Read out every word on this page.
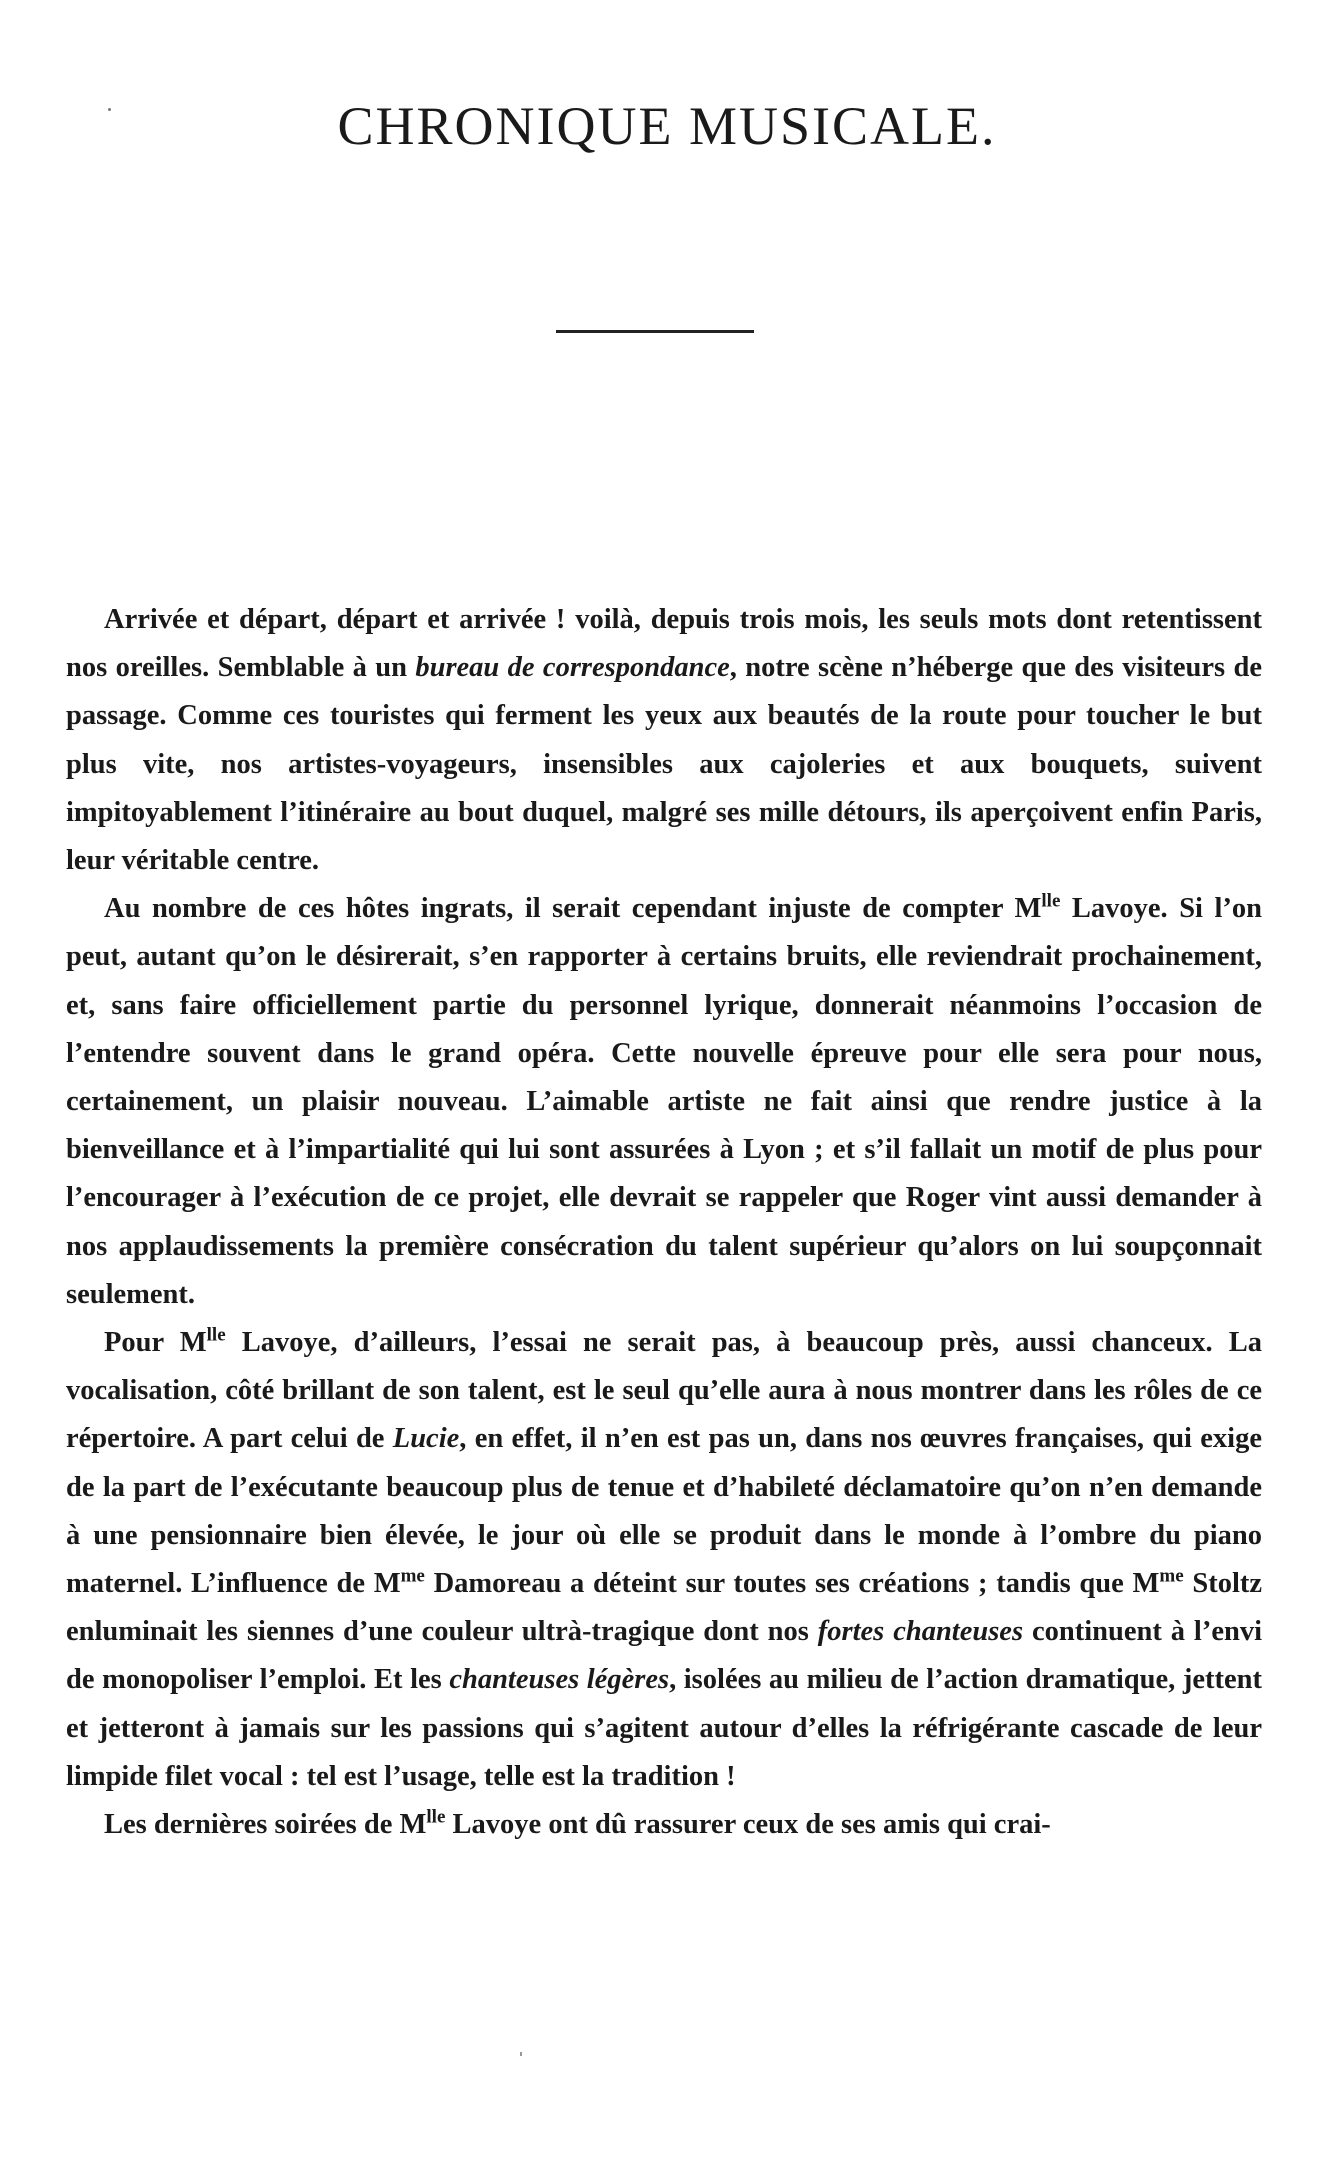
CHRONIQUE MUSICALE.

Arrivée et départ, départ et arrivée ! voilà, depuis trois mois, les seuls mots dont retentissent nos oreilles. Semblable à un bureau de correspondance, notre scène n’héberge que des visiteurs de passage. Comme ces touristes qui ferment les yeux aux beautés de la route pour toucher le but plus vite, nos artistes-voyageurs, insensibles aux cajoleries et aux bouquets, suivent impitoyablement l’itinéraire au bout duquel, malgré ses mille détours, ils aperçoivent enfin Paris, leur véritable centre.

Au nombre de ces hôtes ingrats, il serait cependant injuste de compter $M^{lle}$ Lavoye. Si l’on peut, autant qu’on le désirerait, s’en rapporter à certains bruits, elle reviendrait prochainement, et, sans faire officiellement partie du personnel lyrique, donnerait néanmoins l’occasion de l’entendre souvent dans le grand opéra. Cette nouvelle épreuve pour elle sera pour nous, certainement, un plaisir nouveau. L’aimable artiste ne fait ainsi que rendre justice à la bienveillance et à l’impartialité qui lui sont assurées à Lyon ; et s’il fallait un motif de plus pour l’encourager à l’exécution de ce projet, elle devrait se rappeler que Roger vint aussi demander à nos applaudissements la première consécration du talent supérieur qu’alors on lui soupçonnait seulement.

Pour $M^{lle}$ Lavoye, d’ailleurs, l’essai ne serait pas, à beaucoup près, aussi chanceux. La vocalisation, côté brillant de son talent, est le seul qu’elle aura à nous montrer dans les rôles de ce répertoire. A part celui de Lucie, en effet, il n’en est pas un, dans nos œuvres françaises, qui exige de la part de l’exécutante beaucoup plus de tenue et d’habileté déclamatoire qu’on n’en demande à une pensionnaire bien élevée, le jour où elle se produit dans le monde à l’ombre du piano maternel. L’influence de $M^{me}$ Damoreau a déteint sur toutes ses créations ; tandis que $M^{me}$ Stoltz enluminait les siennes d’une couleur ultrà-tragique dont nos fortes chanteuses continuent à l’envi de monopoliser l’emploi. Et les chanteuses légères, isolées au milieu de l’action dramatique, jettent et jetteront à jamais sur les passions qui s’agitent autour d’elles la réfrigérante cascade de leur limpide filet vocal : tel est l’usage, telle est la tradition !

Les dernières soirées de $M^{lle}$ Lavoye ont dû rassurer ceux de ses amis qui crai-
